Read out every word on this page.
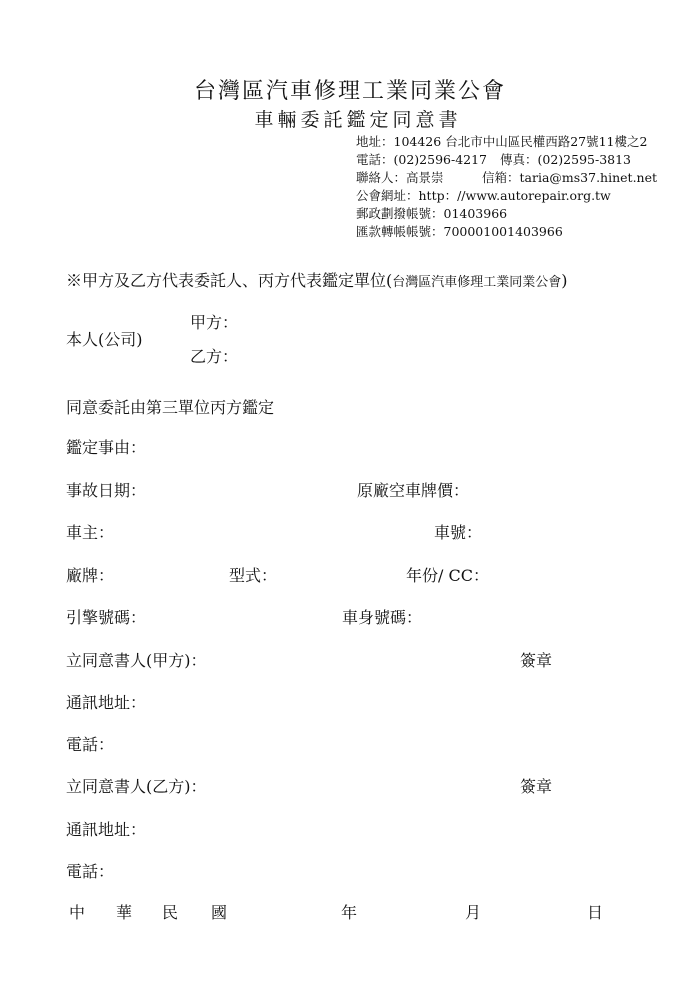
台灣區汽車修理工業同業公會
車輛委託鑑定同意書
地址：104426 台北市中山區民權西路27號11樓之2
電話：(02)2596-4217 傳真：(02)2595-3813
聯絡人：高景崇	信箱：taria@ms37.hinet.net
公會網址：http：//www.autorepair.org.tw
郵政劃撥帳號：01403966
匯款轉帳帳號：700001001403966
※甲方及乙方代表委託人、丙方代表鑑定單位(台灣區汽車修理工業同業公會)
本人(公司)
甲方：
乙方：
同意委託由第三單位丙方鑑定
鑑定事由：
事故日期：	原廠空車牌價：
車主：	車號：
廠牌：	型式：	年份/ CC：
引擎號碼：	車身號碼：
立同意書人(甲方)：	簽章
通訊地址：
電話：
立同意書人(乙方)：	簽章
通訊地址：
電話：
中 華 民 國	年	月	日
